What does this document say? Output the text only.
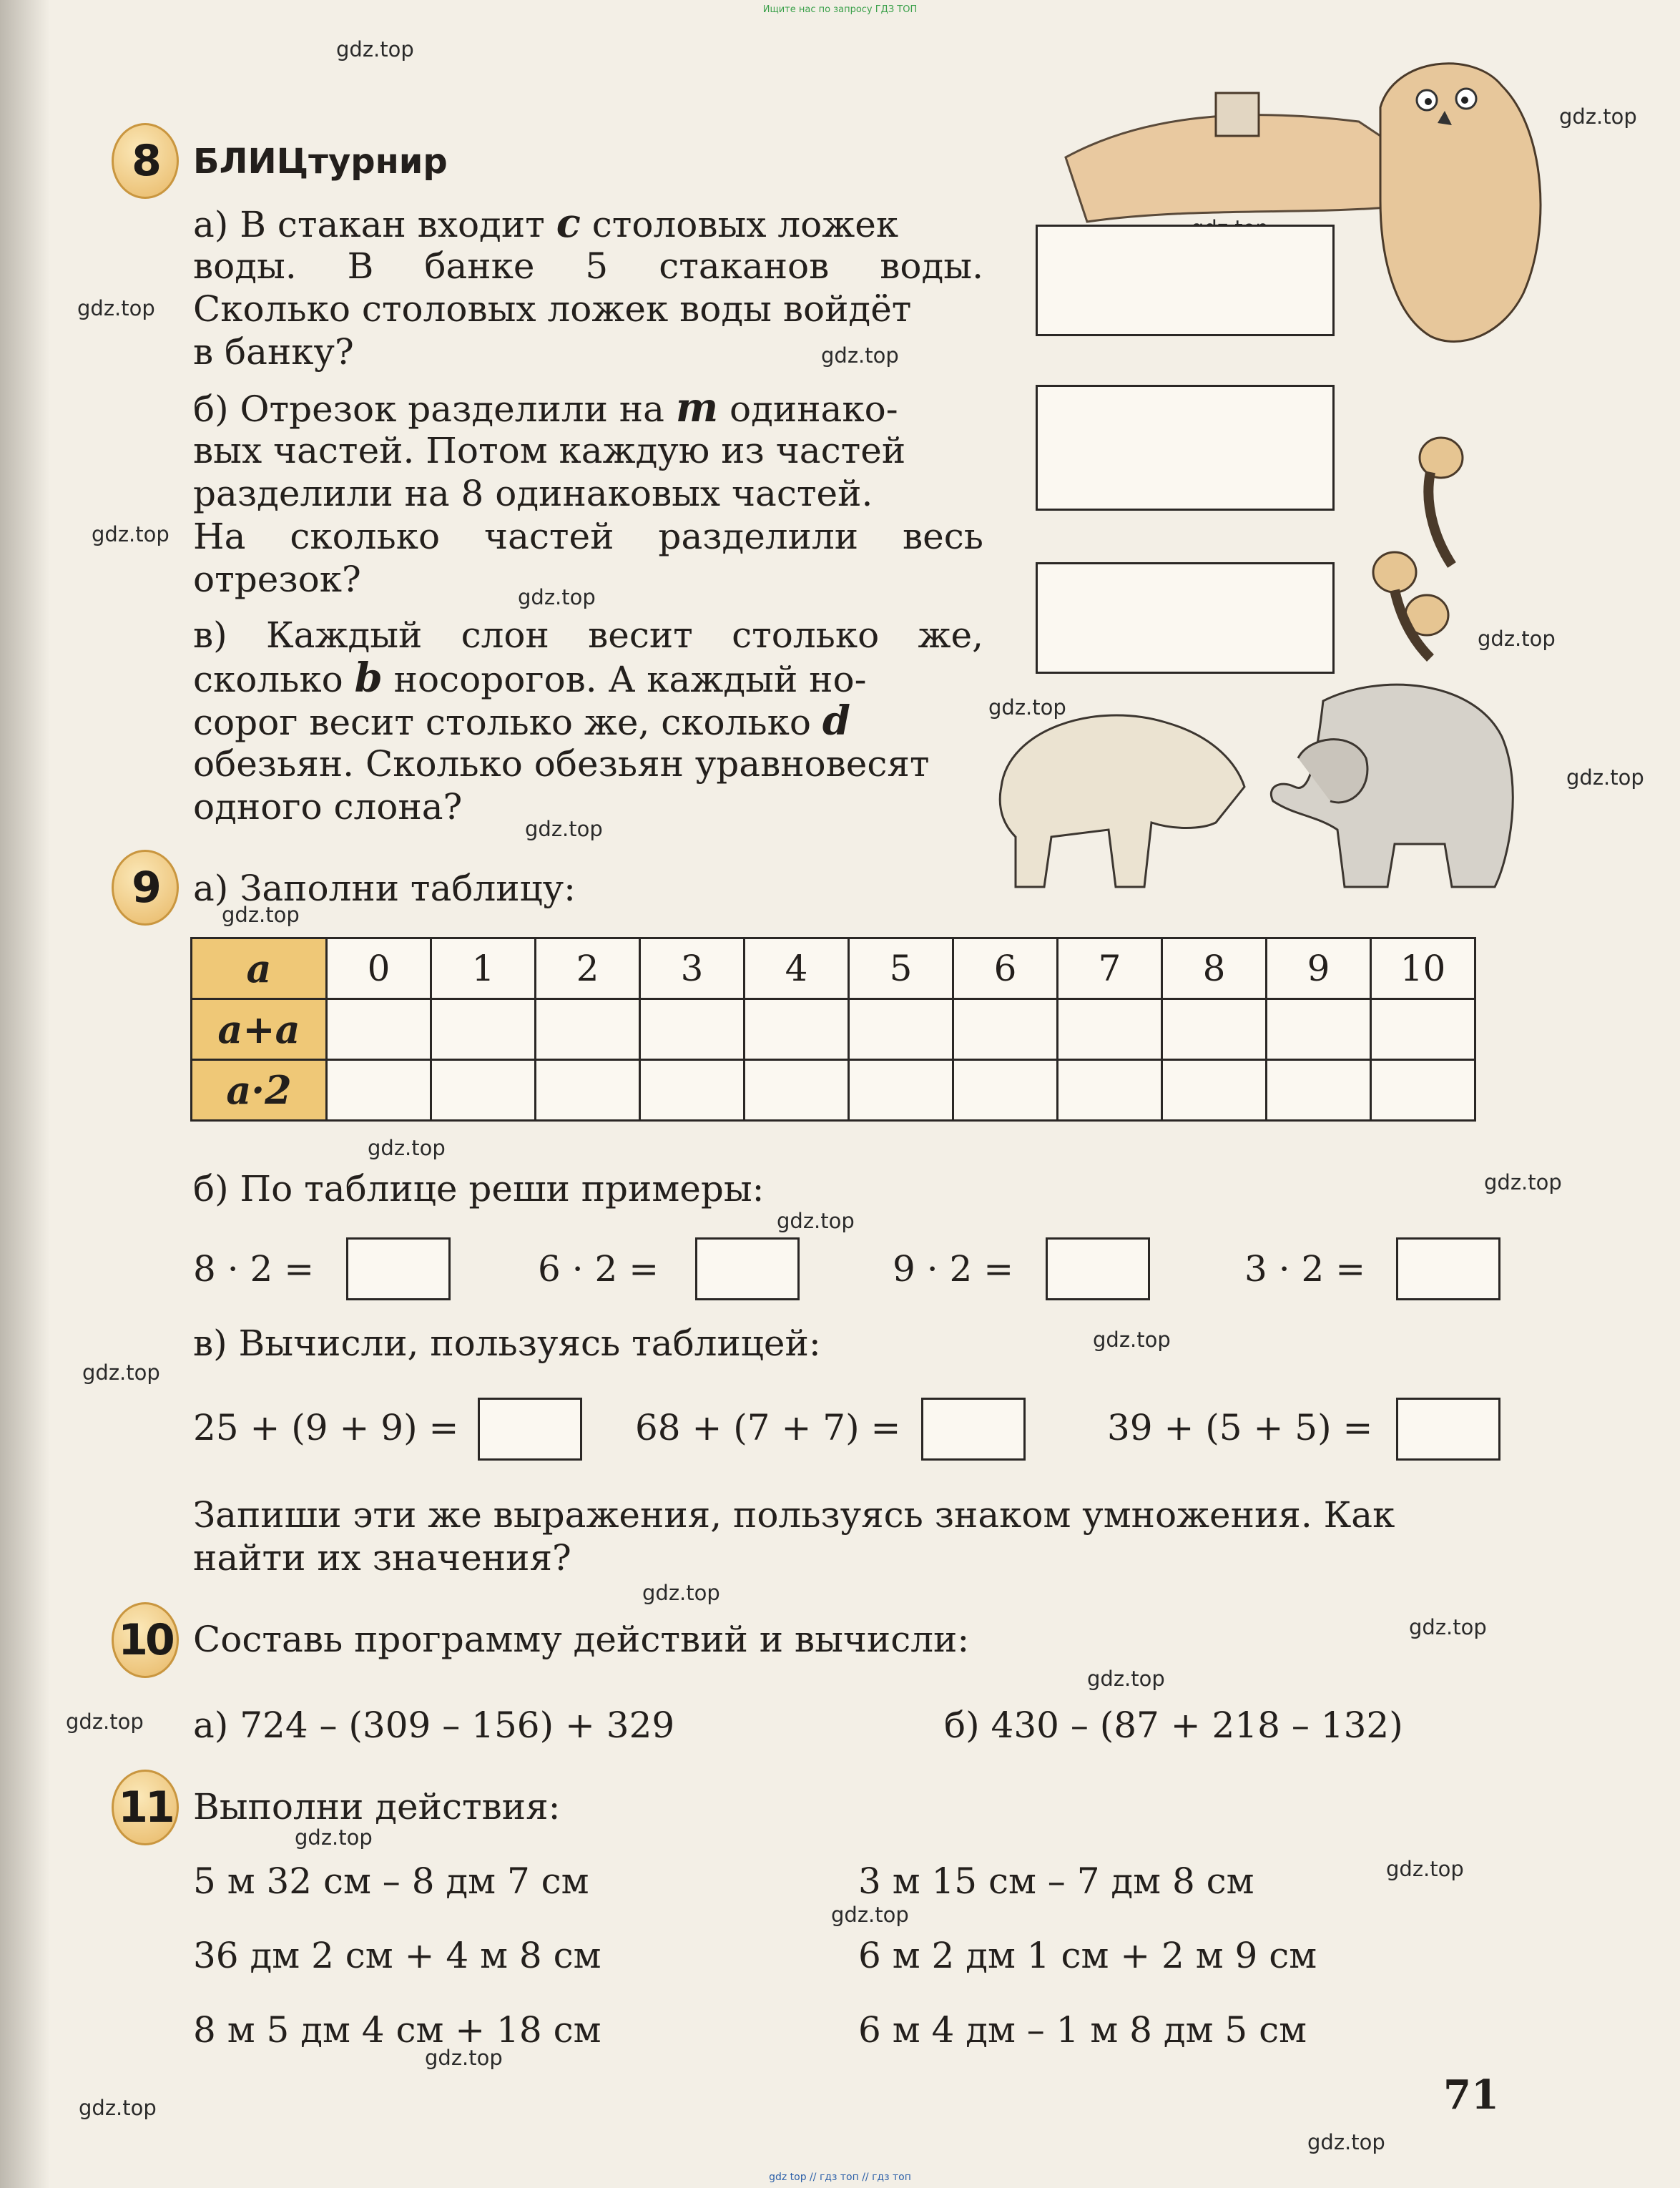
Ищите нас по запросу ГДЗ ТОП
gdz.top
gdz.top
gdz.top
gdz.top
gdz.top
gdz.top
gdz.top
gdz.top
gdz.top
gdz.top
gdz.top
gdz.top
gdz.top
gdz.top
gdz.top
gdz.top
gdz.top
gdz.top
gdz.top
gdz.top
gdz.top
gdz.top
gdz.top
gdz.top
gdz.top
gdz.top
8 БЛИЦтурнир
а) В стакан входит c столовых ложек
воды. В банке 5 стаканов воды.
Сколько столовых ложек воды войдёт
в банку?
б) Отрезок разделили на m одинако-
вых частей. Потом каждую из частей
разделили на 8 одинаковых частей.
На сколько частей разделили весь
отрезок?
в) Каждый слон весит столько же,
сколько b носорогов. А каждый но-
сорог весит столько же, сколько d
обезьян. Сколько обезьян уравновесят
одного слона?
9 а) Заполни таблицу:
a	0	1	2	3	4	5	6	7	8	9	10
a+a											
a·2											
б) По таблице реши примеры:
8 · 2 =	6 · 2 =	9 · 2 =	3 · 2 =
в) Вычисли, пользуясь таблицей:
25 + (9 + 9) =	68 + (7 + 7) =	39 + (5 + 5) =
Запиши эти же выражения, пользуясь знаком умножения. Как
найти их значения?
10 Составь программу действий и вычисли:
а) 724 – (309 – 156) + 329	б) 430 – (87 + 218 – 132)
11 Выполни действия:
5 м 32 см – 8 дм 7 см
36 дм 2 см + 4 м 8 см
8 м 5 дм 4 см + 18 см
3 м 15 см – 7 дм 8 см
6 м 2 дм 1 см + 2 м 9 см
6 м 4 дм – 1 м 8 дм 5 см
71
gdz top // гдз топ // гдз топ
